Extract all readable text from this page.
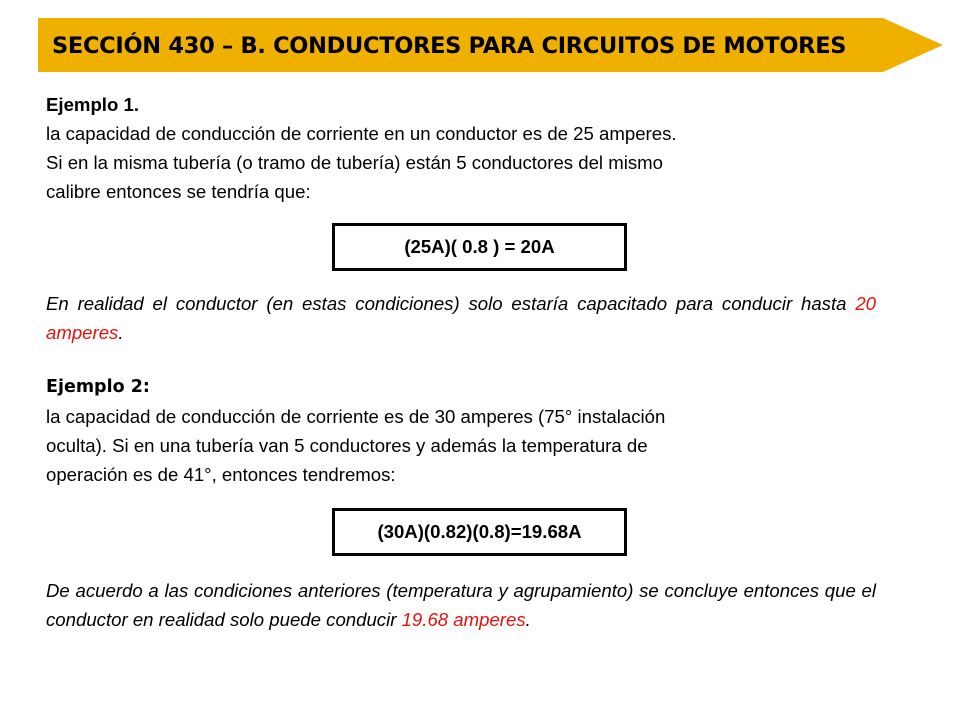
SECCIÓN 430 – B. CONDUCTORES PARA CIRCUITOS DE MOTORES
Ejemplo 1.
la capacidad de conducción de corriente en un conductor es de 25 amperes.
Si en la misma tubería (o tramo de tubería) están 5 conductores del mismo
calibre entonces se tendría que:
(25A)( 0.8 ) = 20A
En realidad el conductor (en estas condiciones) solo estaría capacitado para conducir hasta 20 amperes.
Ejemplo 2:
la capacidad de conducción de corriente es de 30 amperes (75° instalación
oculta). Si en una tubería van 5 conductores y además la temperatura de
operación es de 41°, entonces tendremos:
(30A)(0.82)(0.8)=19.68A
De acuerdo a las condiciones anteriores (temperatura y agrupamiento) se concluye entonces que el conductor en realidad solo puede conducir 19.68 amperes.
